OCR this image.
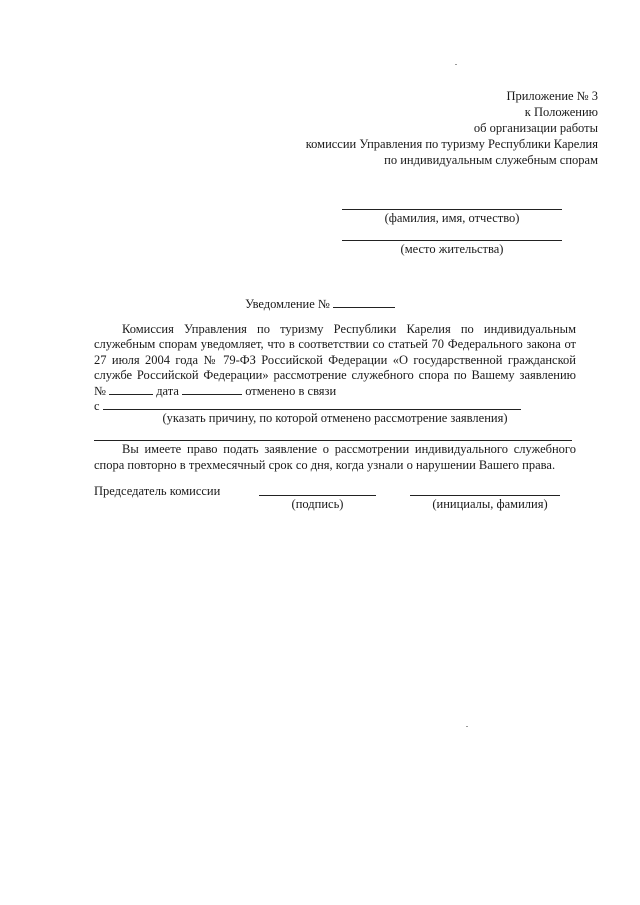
Приложение № 3
к Положению
об организации работы
комиссии Управления по туризму Республики Карелия
по индивидуальным служебным спорам
(фамилия, имя, отчество)
(место жительства)
Уведомление №

Комиссия Управления по туризму Республики Карелия по индивидуальным служебным спорам уведомляет, что в соответствии со статьей 70 Федерального закона от 27 июля 2004 года № 79-ФЗ Российской Федерации «О государственной гражданской службе Российской Федерации» рассмотрение служебного спора по Вашему заявлению №	дата	отменено в связи

с
(указать причину, по которой отменено рассмотрение заявления)

Вы имеете право подать заявление о рассмотрении индивидуального служебного спора повторно в трехмесячный срок со дня, когда узнали о нарушении Вашего права.

Председатель комиссии
(подпись)	(инициалы, фамилия)
